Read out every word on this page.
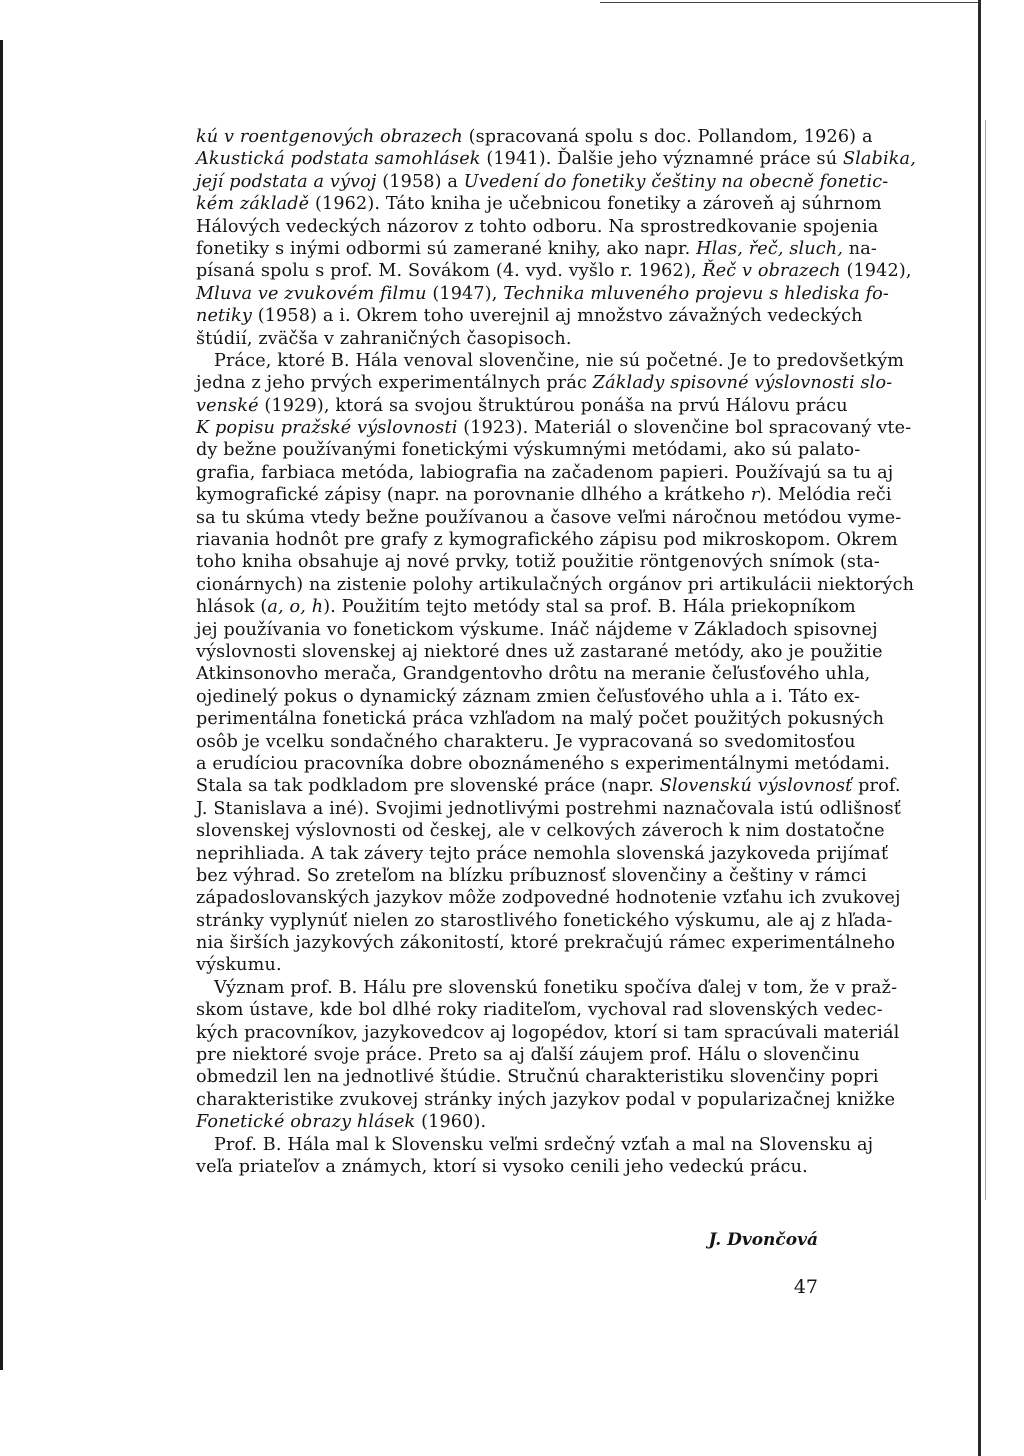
kú v roentgenových obrazech (spracovaná spolu s doc. Pollandom, 1926) a
Akustická podstata samohlásek (1941). Ďalšie jeho významné práce sú Slabika,
její podstata a vývoj (1958) a Uvedení do fonetiky češtiny na obecně fonetic-
kém základě (1962). Táto kniha je učebnicou fonetiky a zároveň aj súhrnom
Hálových vedeckých názorov z tohto odboru. Na sprostredkovanie spojenia
fonetiky s inými odbormi sú zamerané knihy, ako napr. Hlas, řeč, sluch, na-
písaná spolu s prof. M. Sovákom (4. vyd. vyšlo r. 1962), Řeč v obrazech (1942),
Mluva ve zvukovém filmu (1947), Technika mluveného projevu s hlediska fo-
netiky (1958) a i. Okrem toho uverejnil aj množstvo závažných vedeckých
štúdií, zväčša v zahraničných časopisoch.
Práce, ktoré B. Hála venoval slovenčine, nie sú početné. Je to predovšetkým
jedna z jeho prvých experimentálnych prác Základy spisovné výslovnosti slo-
venské (1929), ktorá sa svojou štruktúrou ponáša na prvú Hálovu prácu
K popisu pražské výslovnosti (1923). Materiál o slovenčine bol spracovaný vte-
dy bežne používanými fonetickými výskumnými metódami, ako sú palato-
grafia, farbiaca metóda, labiografia na začadenom papieri. Používajú sa tu aj
kymografické zápisy (napr. na porovnanie dlhého a krátkeho r). Melódia reči
sa tu skúma vtedy bežne používanou a časove veľmi náročnou metódou vyme-
riavania hodnôt pre grafy z kymografického zápisu pod mikroskopom. Okrem
toho kniha obsahuje aj nové prvky, totiž použitie röntgenových snímok (sta-
cionárnych) na zistenie polohy artikulačných orgánov pri artikulácii niektorých
hlások (a, o, h). Použitím tejto metódy stal sa prof. B. Hála priekopníkom
jej používania vo fonetickom výskume. Ináč nájdeme v Základoch spisovnej
výslovnosti slovenskej aj niektoré dnes už zastarané metódy, ako je použitie
Atkinsonovho merača, Grandgentovho drôtu na meranie čeľusťového uhla,
ojedinelý pokus o dynamický záznam zmien čeľusťového uhla a i. Táto ex-
perimentálna fonetická práca vzhľadom na malý počet použitých pokusných
osôb je vcelku sondačného charakteru. Je vypracovaná so svedomitosťou
a erudíciou pracovníka dobre oboznámeného s experimentálnymi metódami.
Stala sa tak podkladom pre slovenské práce (napr. Slovenskú výslovnosť prof.
J. Stanislava a iné). Svojimi jednotlivými postrehmi naznačovala istú odlišnosť
slovenskej výslovnosti od českej, ale v celkových záveroch k nim dostatočne
neprihliada. A tak závery tejto práce nemohla slovenská jazykoveda prijímať
bez výhrad. So zreteľom na blízku príbuznosť slovenčiny a češtiny v rámci
západoslovanských jazykov môže zodpovedné hodnotenie vzťahu ich zvukovej
stránky vyplynúť nielen zo starostlivého fonetického výskumu, ale aj z hľada-
nia širších jazykových zákonitostí, ktoré prekračujú rámec experimentálneho
výskumu.
Význam prof. B. Hálu pre slovenskú fonetiku spočíva ďalej v tom, že v praž-
skom ústave, kde bol dlhé roky riaditeľom, vychoval rad slovenských vedec-
kých pracovníkov, jazykovedcov aj logopédov, ktorí si tam spracúvali materiál
pre niektoré svoje práce. Preto sa aj ďalší záujem prof. Hálu o slovenčinu
obmedzil len na jednotlivé štúdie. Stručnú charakteristiku slovenčiny popri
charakteristike zvukovej stránky iných jazykov podal v popularizačnej knižke
Fonetické obrazy hlásek (1960).
Prof. B. Hála mal k Slovensku veľmi srdečný vzťah a mal na Slovensku aj
veľa priateľov a známych, ktorí si vysoko cenili jeho vedeckú prácu.
J. Dvončová
47
